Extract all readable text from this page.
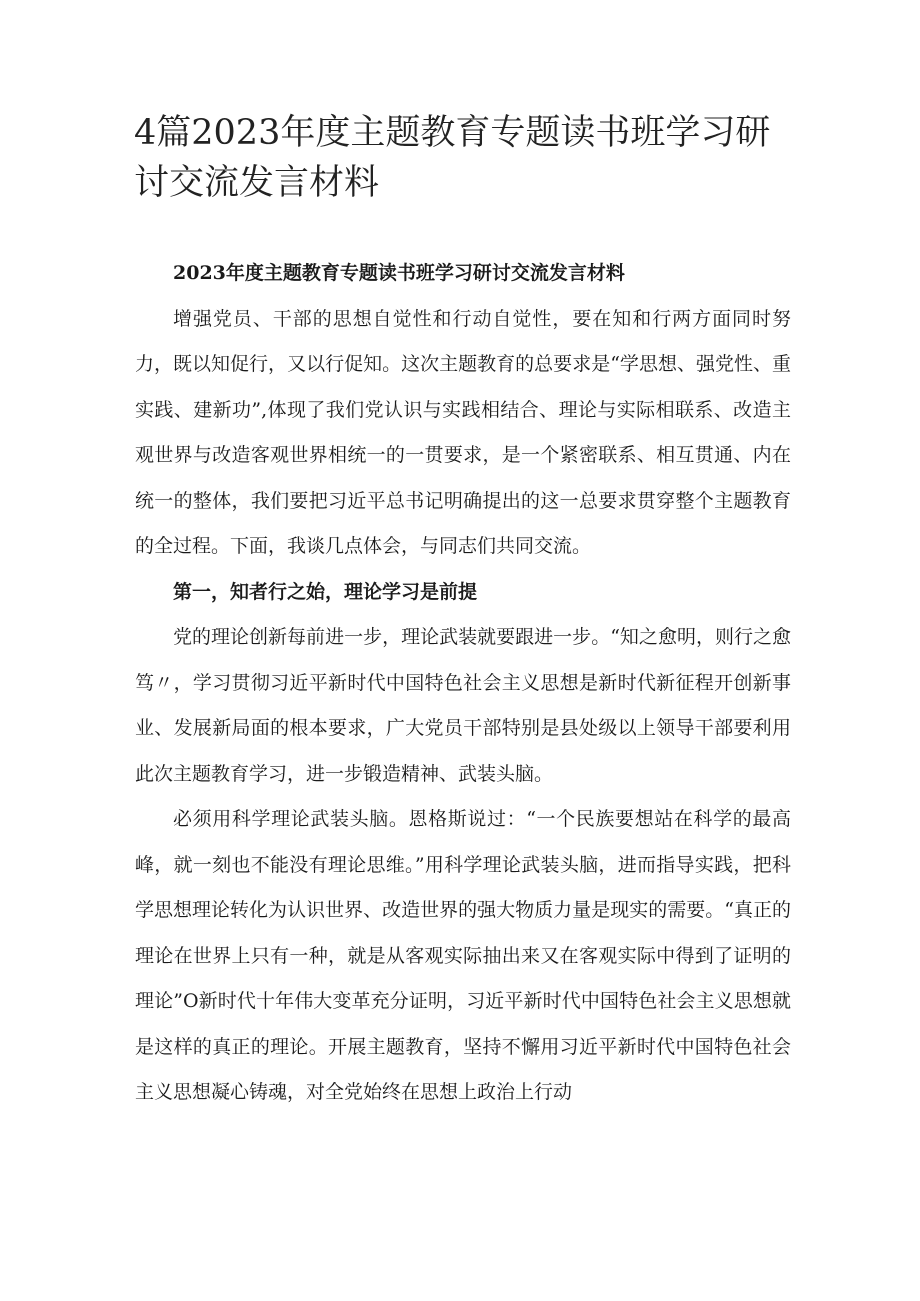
4篇2023年度主题教育专题读书班学习研讨交流发言材料

2023年度主题教育专题读书班学习研讨交流发言材料

增强党员、干部的思想自觉性和行动自觉性，要在知和行两方面同时努力，既以知促行，又以行促知。这次主题教育的总要求是“学思想、强党性、重实践、建新功”,体现了我们党认识与实践相结合、理论与实际相联系、改造主观世界与改造客观世界相统一的一贯要求，是一个紧密联系、相互贯通、内在统一的整体，我们要把习近平总书记明确提出的这一总要求贯穿整个主题教育的全过程。下面，我谈几点体会，与同志们共同交流。

第一，知者行之始，理论学习是前提

党的理论创新每前进一步，理论武装就要跟进一步。“知之愈明，则行之愈笃〃，学习贯彻习近平新时代中国特色社会主义思想是新时代新征程开创新事业、发展新局面的根本要求，广大党员干部特别是县处级以上领导干部要利用此次主题教育学习，进一步锻造精神、武装头脑。

必须用科学理论武装头脑。恩格斯说过：“一个民族要想站在科学的最高峰，就一刻也不能没有理论思维。”用科学理论武装头脑，进而指导实践，把科学思想理论转化为认识世界、改造世界的强大物质力量是现实的需要。“真正的理论在世界上只有一种，就是从客观实际抽出来又在客观实际中得到了证明的理论”O新时代十年伟大变革充分证明，习近平新时代中国特色社会主义思想就是这样的真正的理论。开展主题教育，坚持不懈用习近平新时代中国特色社会主义思想凝心铸魂，对全党始终在思想上政治上行动
